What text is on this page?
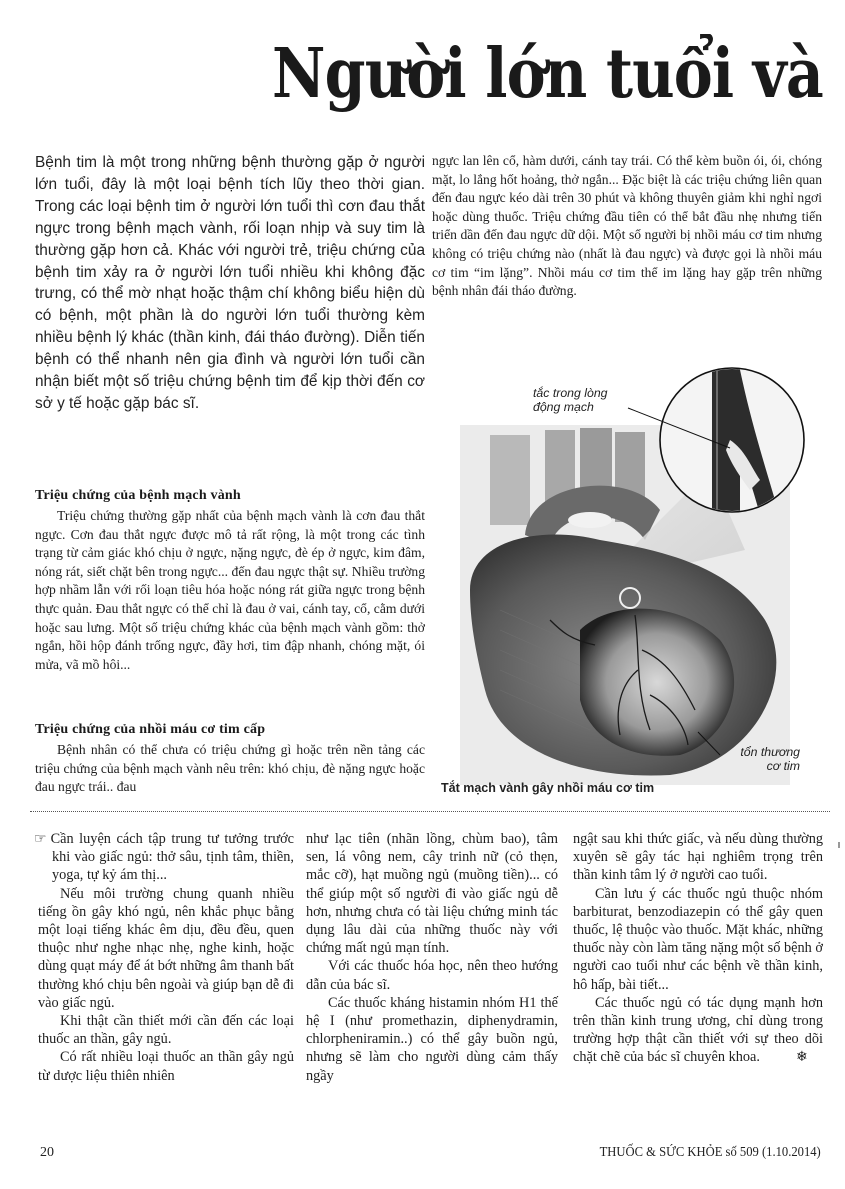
Người lớn tuổi và
Bệnh tim là một trong những bệnh thường gặp ở người lớn tuổi, đây là một loại bệnh tích lũy theo thời gian. Trong các loại bệnh tim ở người lớn tuổi thì cơn đau thắt ngực trong bệnh mạch vành, rối loạn nhịp và suy tim là thường gặp hơn cả. Khác với người trẻ, triệu chứng của bệnh tim xảy ra ở người lớn tuổi nhiều khi không đặc trưng, có thể mờ nhạt hoặc thậm chí không biểu hiện dù có bệnh, một phần là do người lớn tuổi thường kèm nhiều bệnh lý khác (thần kinh, đái tháo đường). Diễn tiến bệnh có thể nhanh nên gia đình và người lớn tuổi cần nhận biết một số triệu chứng bệnh tim để kịp thời đến cơ sở y tế hoặc gặp bác sĩ.
ngực lan lên cổ, hàm dưới, cánh tay trái. Có thể kèm buồn ói, ói, chóng mặt, lo lắng hốt hoảng, thở ngắn... Đặc biệt là các triệu chứng liên quan đến đau ngực kéo dài trên 30 phút và không thuyên giảm khi nghỉ ngơi hoặc dùng thuốc. Triệu chứng đầu tiên có thể bắt đầu nhẹ nhưng tiến triển dần đến đau ngực dữ dội. Một số người bị nhồi máu cơ tim nhưng không có triệu chứng nào (nhất là đau ngực) và được gọi là nhồi máu cơ tim “im lặng”. Nhồi máu cơ tim thể im lặng hay gặp trên những bệnh nhân đái tháo đường.
Triệu chứng của bệnh mạch vành

Triệu chứng thường gặp nhất của bệnh mạch vành là cơn đau thắt ngực. Cơn đau thắt ngực được mô tả rất rộng, là một trong các tình trạng từ cảm giác khó chịu ở ngực, nặng ngực, đè ép ở ngực, kim đâm, nóng rát, siết chặt bên trong ngực... đến đau ngực thật sự. Nhiều trường hợp nhầm lẫn với rối loạn tiêu hóa hoặc nóng rát giữa ngực trong bệnh thực quản. Đau thắt ngực có thể chỉ là đau ở vai, cánh tay, cổ, cằm dưới hoặc sau lưng. Một số triệu chứng khác của bệnh mạch vành gồm: thở ngắn, hồi hộp đánh trống ngực, đầy hơi, tim đập nhanh, chóng mặt, ói mửa, vã mồ hôi...

Triệu chứng của nhồi máu cơ tim cấp

Bệnh nhân có thể chưa có triệu chứng gì hoặc trên nền tảng các triệu chứng của bệnh mạch vành nêu trên: khó chịu, đè nặng ngực hoặc đau ngực trái.. đau

tắc trong lòng
động mạch
tổn thương
cơ tim
Tắt mạch vành gây nhồi máu cơ tim

☞ Cần luyện cách tập trung tư tưởng trước khi vào giấc ngủ: thở sâu, tịnh tâm, thiền, yoga, tự kỷ ám thị...

Nếu môi trường chung quanh nhiều tiếng ồn gây khó ngủ, nên khắc phục bằng một loại tiếng khác êm dịu, đều đều, quen thuộc như nghe nhạc nhẹ, nghe kinh, hoặc dùng quạt máy để át bớt những âm thanh bất thường khó chịu bên ngoài và giúp bạn dễ đi vào giấc ngủ.

Khi thật cần thiết mới cần đến các loại thuốc an thần, gây ngủ.

Có rất nhiều loại thuốc an thần gây ngủ từ dược liệu thiên nhiên

như lạc tiên (nhãn lồng, chùm bao), tâm sen, lá vông nem, cây trinh nữ (cỏ thẹn, mắc cỡ), hạt muồng ngủ (muồng tiền)... có thể giúp một số người đi vào giấc ngủ dễ hơn, nhưng chưa có tài liệu chứng minh tác dụng lâu dài của những thuốc này với chứng mất ngủ mạn tính.

Với các thuốc hóa học, nên theo hướng dẫn của bác sĩ.

Các thuốc kháng histamin nhóm H1 thế hệ I (như promethazin, diphenydramin, chlorpheniramin..) có thể gây buồn ngủ, nhưng sẽ làm cho người dùng cảm thấy ngầy

ngật sau khi thức giấc, và nếu dùng thường xuyên sẽ gây tác hại nghiêm trọng trên thần kinh tâm lý ở người cao tuổi.

Cần lưu ý các thuốc ngủ thuộc nhóm barbiturat, benzodiazepin có thể gây quen thuốc, lệ thuộc vào thuốc. Mặt khác, những thuốc này còn làm tăng nặng một số bệnh ở người cao tuổi như các bệnh về thần kinh, hô hấp, bài tiết...

Các thuốc ngủ có tác dụng mạnh hơn trên thần kinh trung ương, chỉ dùng trong trường hợp thật cần thiết với sự theo dõi chặt chẽ của bác sĩ chuyên khoa.	❄

20	THUỐC & SỨC KHỎE số 509 (1.10.2014)
